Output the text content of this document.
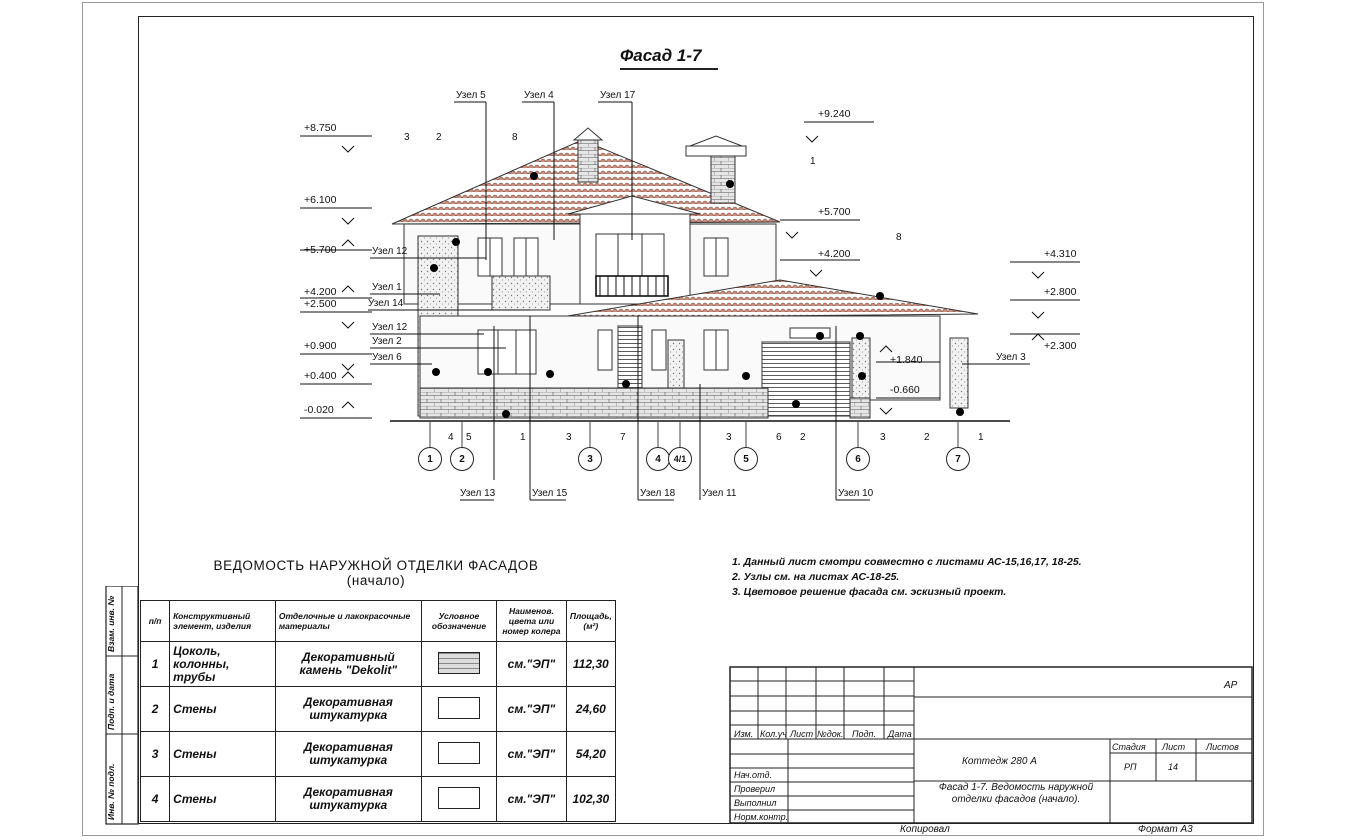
Фасад 1-7
Узел 5	Узел 4	Узел 17
Узел 12
Узел 1
Узел 14
Узел 12
Узел 2
Узел 6	Узел 3
Узел 13	Узел 15	Узел 18	Узел 11	Узел 10
+8.750
+6.100
+5.700
+4.200
+2.500
+0.900
+0.400
-0.020
+9.240
+5.700
+4.200
+1.840
-0.660
+4.310
+2.800
+2.300
3	2	8
1
8
4 5	1	3	7	3	6 2	3	2	1
1	2	3	4	4/1	5	6	7
1. Данный лист смотри совместно с листами АС-15,16,17, 18-25.
2. Узлы см. на листах АС-18-25.
3. Цветовое решение фасада см. эскизный проект.
ВЕДОМОСТЬ НАРУЖНОЙ ОТДЕЛКИ ФАСАДОВ
(начало)
п/п	Конструктивный элемент, изделия	Отделочные и лакокрасочные материалы	Условное обозначение	Наименов. цвета или номер колера	Площадь, (м²)
1	Цоколь, колонны, трубы	Декоративный камень "Dekolit"		см."ЭП"	112,30
2	Стены	Декоративная штукатурка		см."ЭП"	24,60
3	Стены	Декоративная штукатурка		см."ЭП"	54,20
4	Стены	Декоративная штукатурка		см."ЭП"	102,30
Взам. инв. №
Подп. и дата
Инв. № подл.
АР
Изм. Кол.уч Лист №док. Подп. Дата
Нач.отд.
Проверил
Выполнил
Норм.контр.
Коттедж 280 А
Фасад 1-7. Ведомость наружной отделки фасадов (начало).
Стадия Лист Листов
РП	14
Копировал	Формат А3
